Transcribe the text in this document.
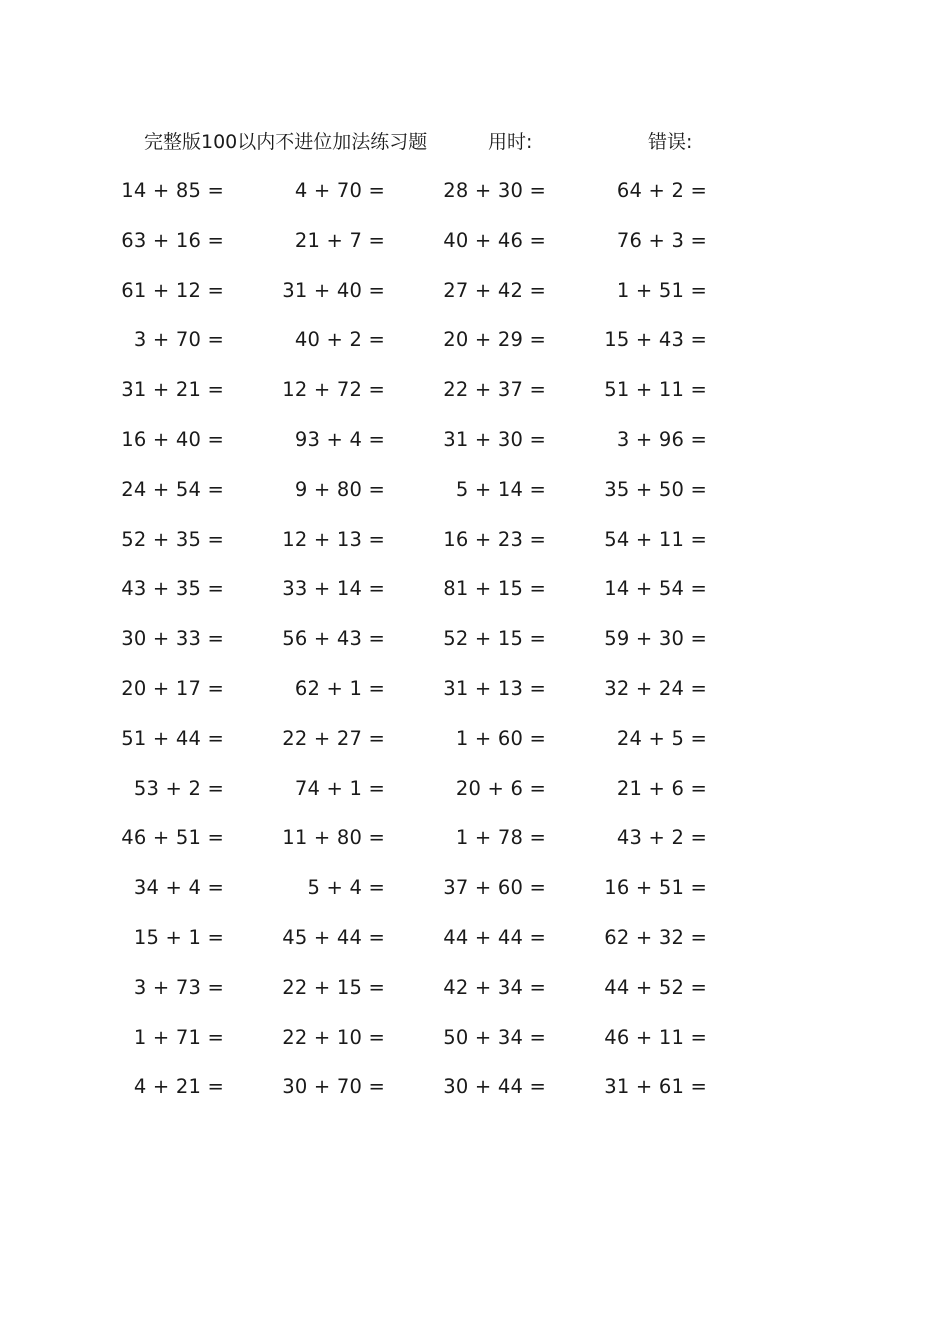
完整版100以内不进位加法练习题	用时:	错误:
14 + 85 =	4 + 70 =	28 + 30 =	64 + 2 =
63 + 16 =	21 + 7 =	40 + 46 =	76 + 3 =
61 + 12 =	31 + 40 =	27 + 42 =	1 + 51 =
3 + 70 =	40 + 2 =	20 + 29 =	15 + 43 =
31 + 21 =	12 + 72 =	22 + 37 =	51 + 11 =
16 + 40 =	93 + 4 =	31 + 30 =	3 + 96 =
24 + 54 =	9 + 80 =	5 + 14 =	35 + 50 =
52 + 35 =	12 + 13 =	16 + 23 =	54 + 11 =
43 + 35 =	33 + 14 =	81 + 15 =	14 + 54 =
30 + 33 =	56 + 43 =	52 + 15 =	59 + 30 =
20 + 17 =	62 + 1 =	31 + 13 =	32 + 24 =
51 + 44 =	22 + 27 =	1 + 60 =	24 + 5 =
53 + 2 =	74 + 1 =	20 + 6 =	21 + 6 =
46 + 51 =	11 + 80 =	1 + 78 =	43 + 2 =
34 + 4 =	5 + 4 =	37 + 60 =	16 + 51 =
15 + 1 =	45 + 44 =	44 + 44 =	62 + 32 =
3 + 73 =	22 + 15 =	42 + 34 =	44 + 52 =
1 + 71 =	22 + 10 =	50 + 34 =	46 + 11 =
4 + 21 =	30 + 70 =	30 + 44 =	31 + 61 =
